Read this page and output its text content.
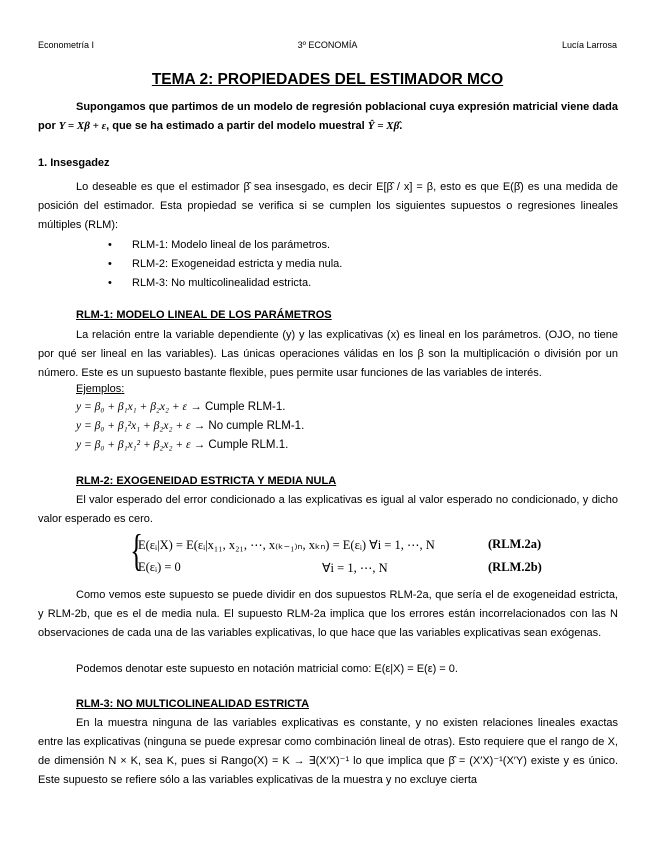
Econometría I	3º ECONOMÍA	Lucía Larrosa
TEMA 2: PROPIEDADES DEL ESTIMADOR MCO
Supongamos que partimos de un modelo de regresión poblacional cuya expresión matricial viene dada por Y = Xβ + ε, que se ha estimado a partir del modelo muestral Ŷ = Xβ̂.
1. Insesgadez
Lo deseable es que el estimador β̂ sea insesgado, es decir E[β̂ / x] = β, esto es que E(β̂) es una medida de posición del estimador. Esta propiedad se verifica si se cumplen los siguientes supuestos o regresiones lineales múltiples (RLM):
• RLM-1: Modelo lineal de los parámetros.
• RLM-2: Exogeneidad estricta y media nula.
• RLM-3: No multicolinealidad estricta.
RLM-1: MODELO LINEAL DE LOS PARÁMETROS
La relación entre la variable dependiente (y) y las explicativas (x) es lineal en los parámetros. (OJO, no tiene por qué ser lineal en las variables). Las únicas operaciones válidas en los β son la multiplicación o división por un número. Este es un supuesto bastante flexible, pues permite usar funciones de las variables de interés.
Ejemplos:
y = β₀ + β₁x₁ + β₂x₂ + ε → Cumple RLM-1.
y = β₀ + β₁²x₁ + β₂x₂ + ε → No cumple RLM-1.
y = β₀ + β₁x₁² + β₂x₂ + ε → Cumple RLM.1.
RLM-2: EXOGENEIDAD ESTRICTA Y MEDIA NULA
El valor esperado del error condicionado a las explicativas es igual al valor esperado no condicionado, y dicho valor esperado es cero.
{
E(εᵢ|X) = E(εᵢ|x₁₁, x₂₁, ⋯, x₍ₖ₋₁₎ₙ, xₖₙ) = E(εᵢ) ∀i = 1, ⋯, N	(RLM.2a)
E(εᵢ) = 0	∀i = 1, ⋯, N	(RLM.2b)
Como vemos este supuesto se puede dividir en dos supuestos RLM-2a, que sería el de exogeneidad estricta, y RLM-2b, que es el de media nula. El supuesto RLM-2a implica que los errores están incorrelacionados con las N observaciones de cada una de las variables explicativas, lo que hace que las variables explicativas sean exógenas.
Podemos denotar este supuesto en notación matricial como: E(ε|X) = E(ε) = 0.
RLM-3: NO MULTICOLINEALIDAD ESTRICTA
En la muestra ninguna de las variables explicativas es constante, y no existen relaciones lineales exactas entre las explicativas (ninguna se puede expresar como combinación lineal de otras). Esto requiere que el rango de X, de dimensión N × K, sea K, pues si Rango(X) = K → ∃(X′X)⁻¹ lo que implica que β̂ = (X′X)⁻¹(X′Y) existe y es único. Este supuesto se refiere sólo a las variables explicativas de la muestra y no excluye cierta
